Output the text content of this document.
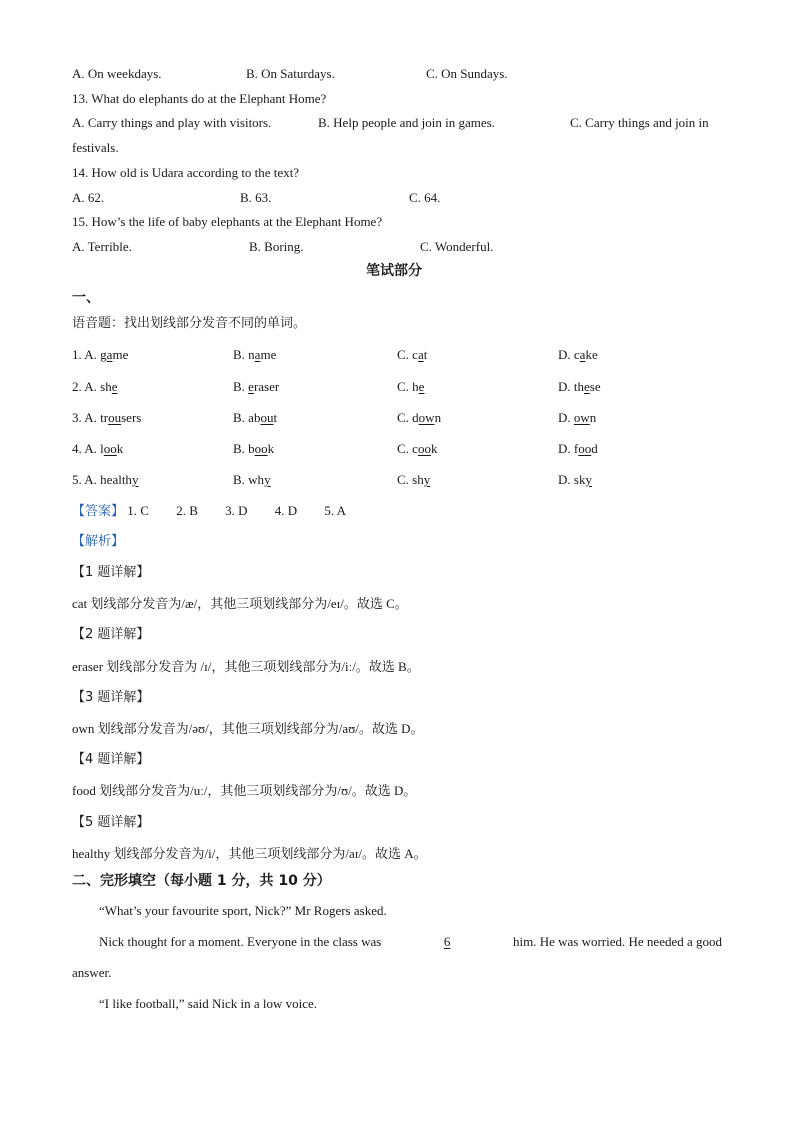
A. On weekdays.	B. On Saturdays.	C. On Sundays.
13. What do elephants do at the Elephant Home?
A. Carry things and play with visitors.	B. Help people and join in games.	C. Carry things and join in
festivals.
14. How old is Udara according to the text?
A. 62.	B. 63.	C. 64.
15. How’s the life of baby elephants at the Elephant Home?
A. Terrible.	B. Boring.	C. Wonderful.
笔试部分
一、
语音题：找出划线部分发音不同的单词。
1. A. game	B. name	C. cat	D. cake
2. A. she	B. eraser	C. he	D. these
3. A. trousers	B. about	C. down	D. own
4. A. look	B. book	C. cook	D. food
5. A. healthy	B. why	C. shy	D. sky
【答案】 1. C 2. B 3. D 4. D 5. A
【解析】
【1 题详解】
cat 划线部分发音为/æ/，其他三项划线部分为/eɪ/。故选 C。
【2 题详解】
eraser 划线部分发音为 /ɪ/，其他三项划线部分为/iː/。故选 B。
【3 题详解】
own 划线部分发音为/əʊ/，其他三项划线部分为/aʊ/。故选 D。
【4 题详解】
food 划线部分发音为/uː/，其他三项划线部分为/ʊ/。故选 D。
【5 题详解】
healthy 划线部分发音为/i/，其他三项划线部分为/aɪ/。故选 A。
二、完形填空（每小题 1 分，共 10 分）
“What’s your favourite sport, Nick?” Mr Rogers asked.
Nick thought for a moment. Everyone in the class was	6	him. He was worried. He needed a good
answer.
“I like football,” said Nick in a low voice.
